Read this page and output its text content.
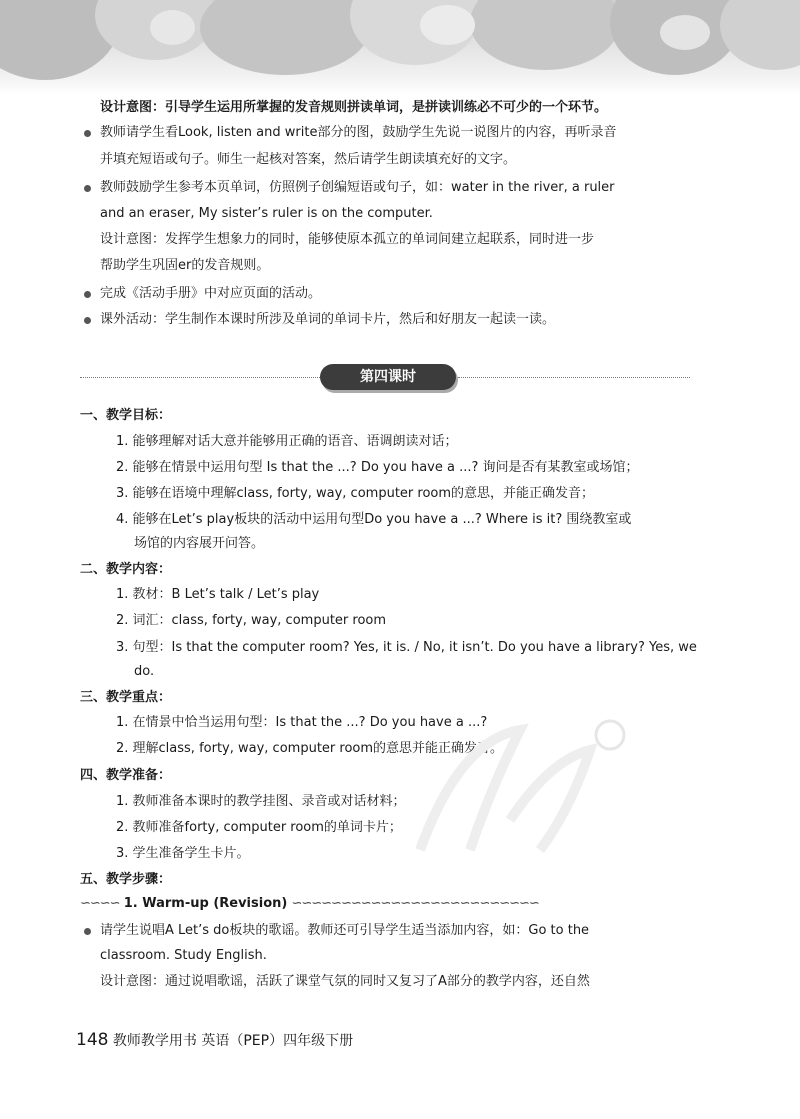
设计意图：引导学生运用所掌握的发音规则拼读单词，是拼读训练必不可少的一个环节。
教师请学生看Look, listen and write部分的图，鼓励学生先说一说图片的内容，再听录音
并填充短语或句子。师生一起核对答案，然后请学生朗读填充好的文字。
教师鼓励学生参考本页单词，仿照例子创编短语或句子，如：water in the river, a ruler
and an eraser, My sister’s ruler is on the computer.
设计意图：发挥学生想象力的同时，能够使原本孤立的单词间建立起联系，同时进一步
帮助学生巩固er的发音规则。
完成《活动手册》中对应页面的活动。
课外活动：学生制作本课时所涉及单词的单词卡片，然后和好朋友一起读一读。
第四课时
一、教学目标：
1. 能够理解对话大意并能够用正确的语音、语调朗读对话；
2. 能够在情景中运用句型 Is that the ...? Do you have a ...? 询问是否有某教室或场馆；
3. 能够在语境中理解class, forty, way, computer room的意思，并能正确发音；
4. 能够在Let’s play板块的活动中运用句型Do you have a ...? Where is it? 围绕教室或
场馆的内容展开问答。
二、教学内容：
1. 教材：B Let’s talk / Let’s play
2. 词汇：class, forty, way, computer room
3. 句型：Is that the computer room? Yes, it is. / No, it isn’t. Do you have a library? Yes, we
do.
三、教学重点：
1. 在情景中恰当运用句型：Is that the ...? Do you have a ...?
2. 理解class, forty, way, computer room的意思并能正确发音。
四、教学准备：
1. 教师准备本课时的教学挂图、录音或对话材料；
2. 教师准备forty, computer room的单词卡片；
3. 学生准备学生卡片。
五、教学步骤：
∽∽∽∽ 1. Warm-up (Revision) ∽∽∽∽∽∽∽∽∽∽∽∽∽∽∽∽∽∽∽∽∽∽∽∽∽
请学生说唱A Let’s do板块的歌谣。教师还可引导学生适当添加内容，如：Go to the
classroom. Study English.
设计意图：通过说唱歌谣，活跃了课堂气氛的同时又复习了A部分的教学内容，还自然
148 教师教学用书 英语（PEP）四年级下册
